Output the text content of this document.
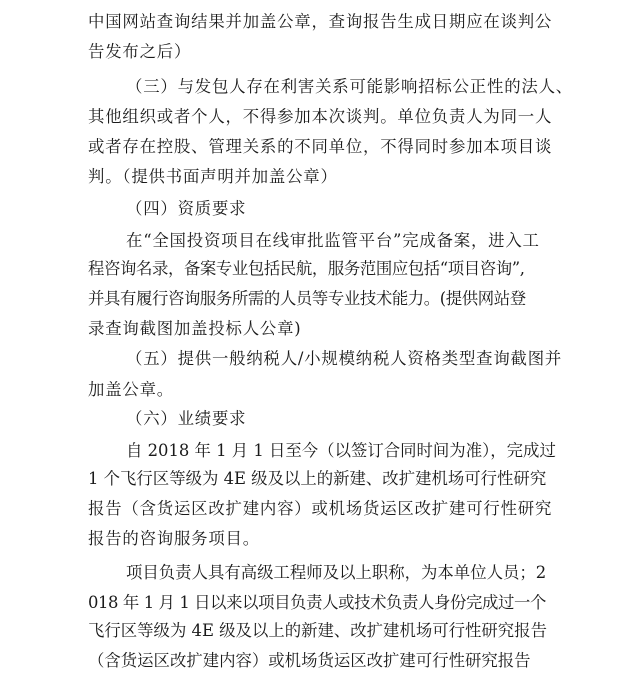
中国网站查询结果并加盖公章，查询报告生成日期应在谈判公
告发布之后）
（三）与发包人存在利害关系可能影响招标公正性的法人、
其他组织或者个人，不得参加本次谈判。单位负责人为同一人
或者存在控股、管理关系的不同单位，不得同时参加本项目谈
判。（提供书面声明并加盖公章）
（四）资质要求
在“全国投资项目在线审批监管平台”完成备案，进入工
程咨询名录，备案专业包括民航，服务范围应包括“项目咨询”,
并具有履行咨询服务所需的人员等专业技术能力。(提供网站登
录查询截图加盖投标人公章)
（五）提供一般纳税人/小规模纳税人资格类型查询截图并
加盖公章。
（六）业绩要求
自 2018 年 1 月 1 日至今（以签订合同时间为准），完成过
1 个飞行区等级为 4E 级及以上的新建、改扩建机场可行性研究
报告（含货运区改扩建内容）或机场货运区改扩建可行性研究
报告的咨询服务项目。
项目负责人具有高级工程师及以上职称，为本单位人员；2
018 年 1 月 1 日以来以项目负责人或技术负责人身份完成过一个
飞行区等级为 4E 级及以上的新建、改扩建机场可行性研究报告
（含货运区改扩建内容）或机场货运区改扩建可行性研究报告
